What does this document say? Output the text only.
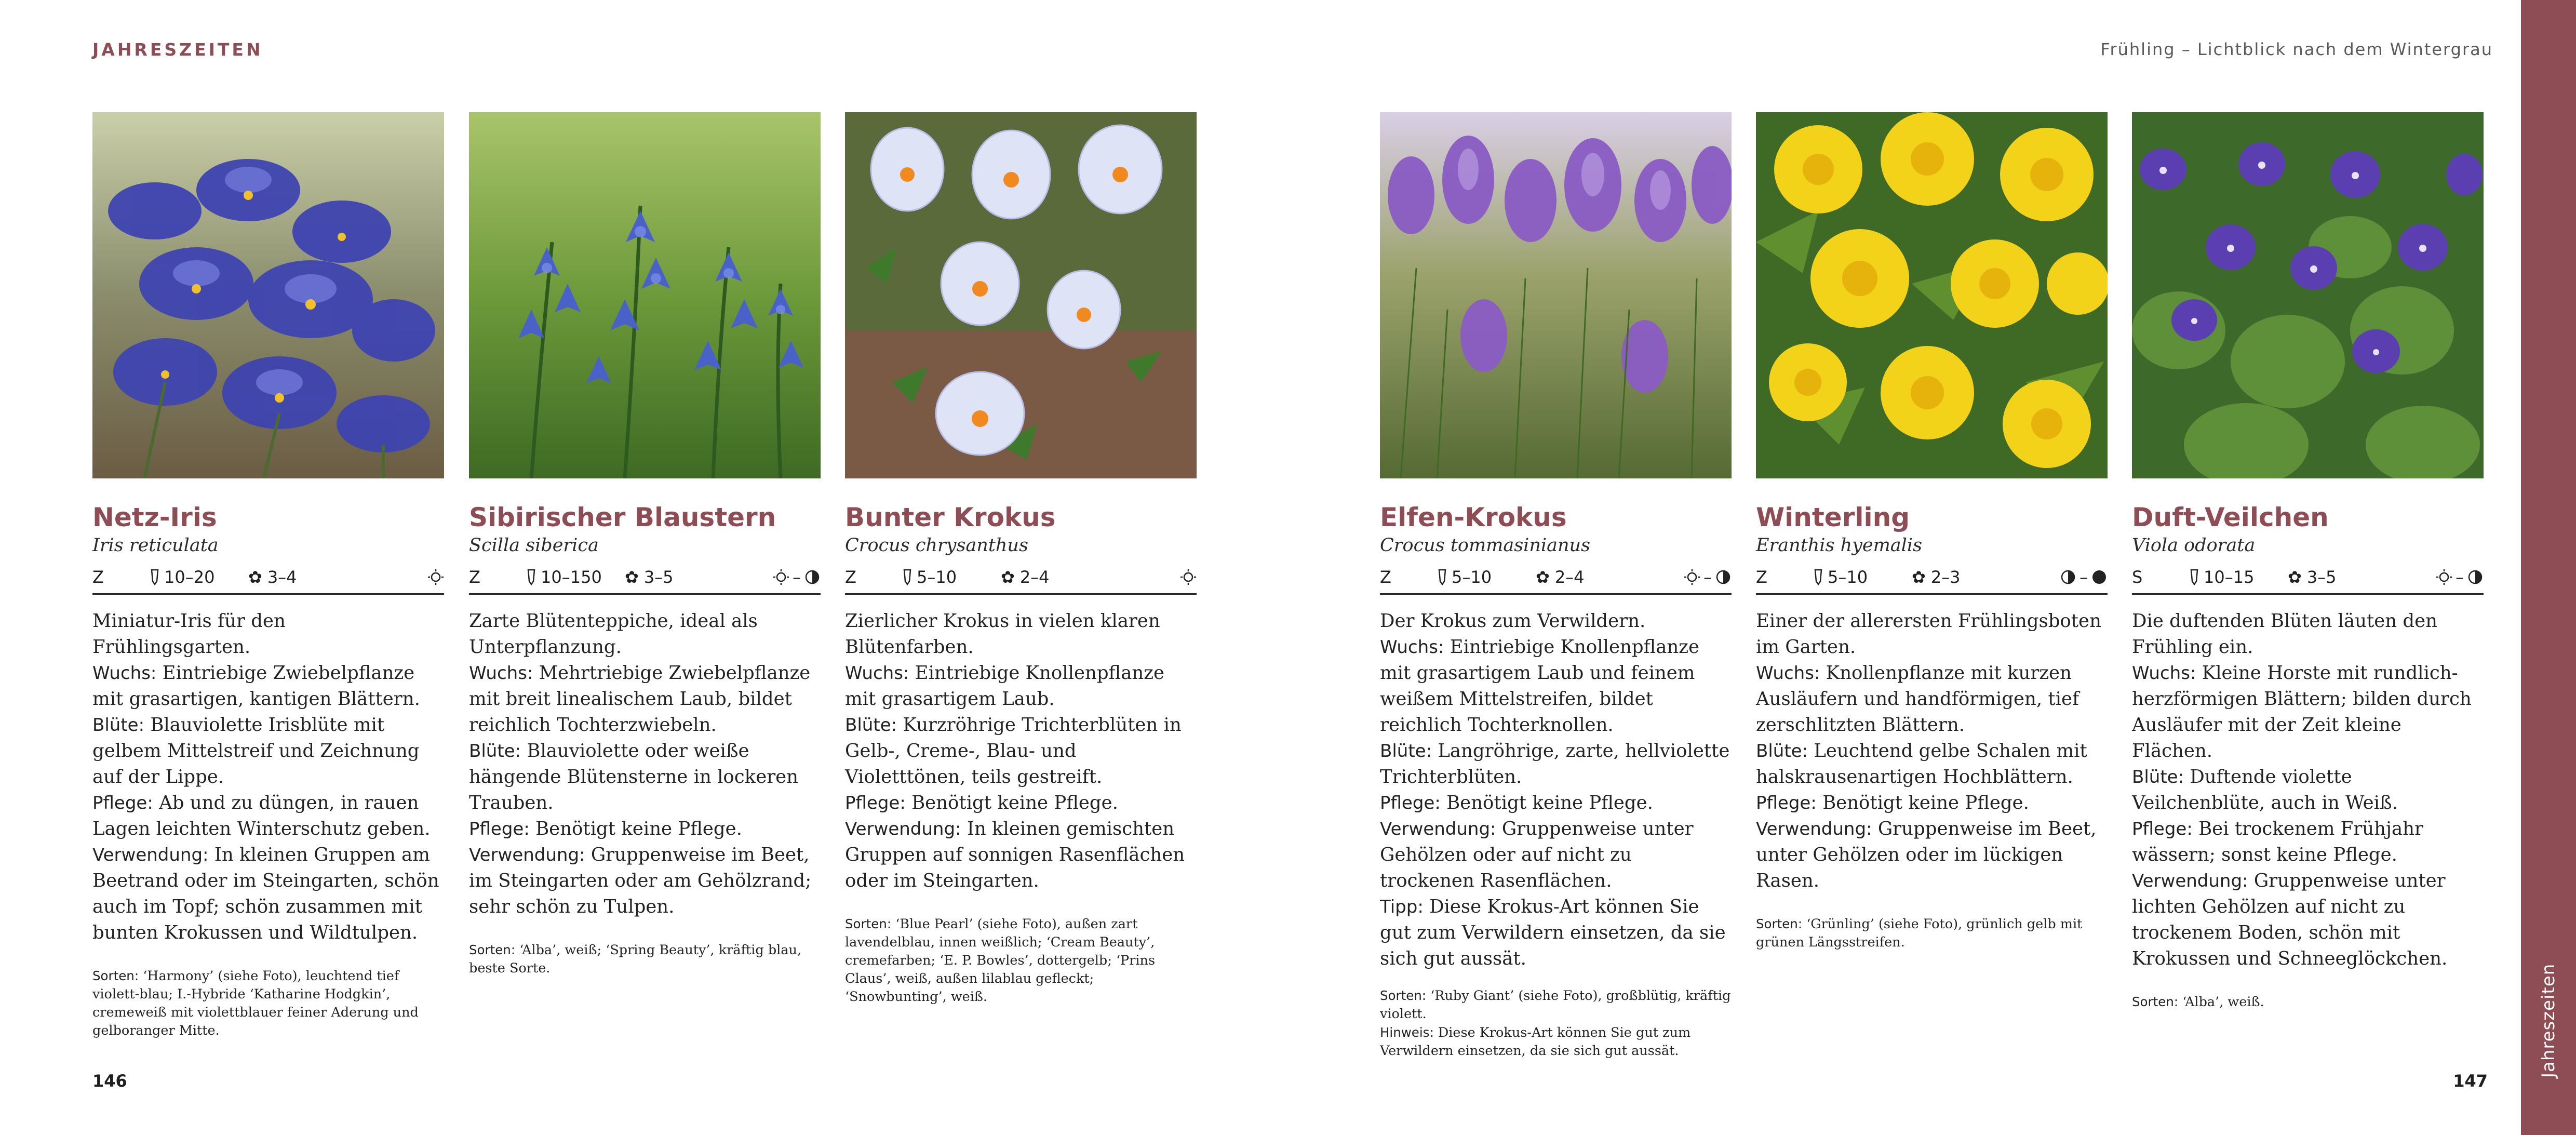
JAHRESZEITEN
Netz-Iris
Iris reticulata
Z	10–20 ✿ 3–4

Miniatur-Iris für den Frühlingsgarten.

Wuchs: Eintriebige Zwiebelpflanze mit grasartigen, kantigen Blättern.

Blüte: Blauviolette Irisblüte mit gelbem Mittelstreif und Zeichnung auf der Lippe.

Pflege: Ab und zu düngen, in rauen Lagen leichten Winterschutz geben.

Verwendung: In kleinen Gruppen am Beetrand oder im Steingarten, schön auch im Topf; schön zusammen mit bunten Krokussen und Wildtulpen.

Sorten: ‘Harmony’ (siehe Foto), leuchtend tief violett-blau; I.-Hybride ‘Katharine Hodgkin’, cremeweiß mit violettblauer feiner Aderung und gelboranger Mitte.

Sibirischer Blaustern
Scilla siberica
Z	10–150 ✿ 3–5	–

Zarte Blütenteppiche, ideal als Unterpflanzung.

Wuchs: Mehrtriebige Zwiebelpflanze mit breit linealischem Laub, bildet reichlich Tochterzwiebeln.

Blüte: Blauviolette oder weiße hängende Blütensterne in lockeren Trauben.

Pflege: Benötigt keine Pflege.

Verwendung: Gruppenweise im Beet, im Steingarten oder am Gehölzrand; sehr schön zu Tulpen.

Sorten: ‘Alba’, weiß; ‘Spring Beauty’, kräftig blau, beste Sorte.

Bunter Krokus
Crocus chrysanthus
Z	5–10	✿ 2–4

Zierlicher Krokus in vielen klaren Blütenfarben.

Wuchs: Eintriebige Knollenpflanze mit grasartigem Laub.

Blüte: Kurzröhrige Trichterblüten in Gelb-, Creme-, Blau- und Violetttönen, teils gestreift.

Pflege: Benötigt keine Pflege.

Verwendung: In kleinen gemischten Gruppen auf sonnigen Rasenflächen oder im Steingarten.

Sorten: ‘Blue Pearl’ (siehe Foto), außen zart lavendelblau, innen weißlich; ‘Cream Beauty’, cremefarben; ‘E. P. Bowles’, dottergelb; ‘Prins Claus’, weiß, außen lilablau gefleckt; ‘Snowbunting’, weiß.

146
Frühling – Lichtblick nach dem Wintergrau
Elfen-Krokus
Crocus tommasinianus
Z	5–10	✿ 2–4	–

Der Krokus zum Verwildern.

Wuchs: Eintriebige Knollenpflanze mit grasartigem Laub und feinem weißem Mittelstreifen, bildet reichlich Tochterknollen.

Blüte: Langröhrige, zarte, hellviolette Trichterblüten.

Pflege: Benötigt keine Pflege.

Verwendung: Gruppenweise unter Gehölzen oder auf nicht zu trockenen Rasenflächen.

Tipp: Diese Krokus-Art können Sie gut zum Verwildern einsetzen, da sie sich gut aussät.

Sorten: ‘Ruby Giant’ (siehe Foto), großblütig, kräftig violett.

Hinweis: Diese Krokus-Art können Sie gut zum Verwildern einsetzen, da sie sich gut aussät.

Winterling
Eranthis hyemalis
Z	5–10	✿ 2–3	–

Einer der allerersten Frühlingsboten im Garten.

Wuchs: Knollenpflanze mit kurzen Ausläufern und handförmigen, tief zerschlitzten Blättern.

Blüte: Leuchtend gelbe Schalen mit halskrausenartigen Hochblättern.

Pflege: Benötigt keine Pflege.

Verwendung: Gruppenweise im Beet, unter Gehölzen oder im lückigen Rasen.

Sorten: ‘Grünling’ (siehe Foto), grünlich gelb mit grünen Längsstreifen.

Duft-Veilchen
Viola odorata
S	10–15 ✿ 3–5	–

Die duftenden Blüten läuten den Frühling ein.

Wuchs: Kleine Horste mit rundlich-herzförmigen Blättern; bilden durch Ausläufer mit der Zeit kleine Flächen.

Blüte: Duftende violette Veilchenblüte, auch in Weiß.

Pflege: Bei trockenem Frühjahr wässern; sonst keine Pflege.

Verwendung: Gruppenweise unter lichten Gehölzen auf nicht zu trockenem Boden, schön mit Krokussen und Schneeglöckchen.

Sorten: ‘Alba’, weiß.

147
Jahreszeiten
